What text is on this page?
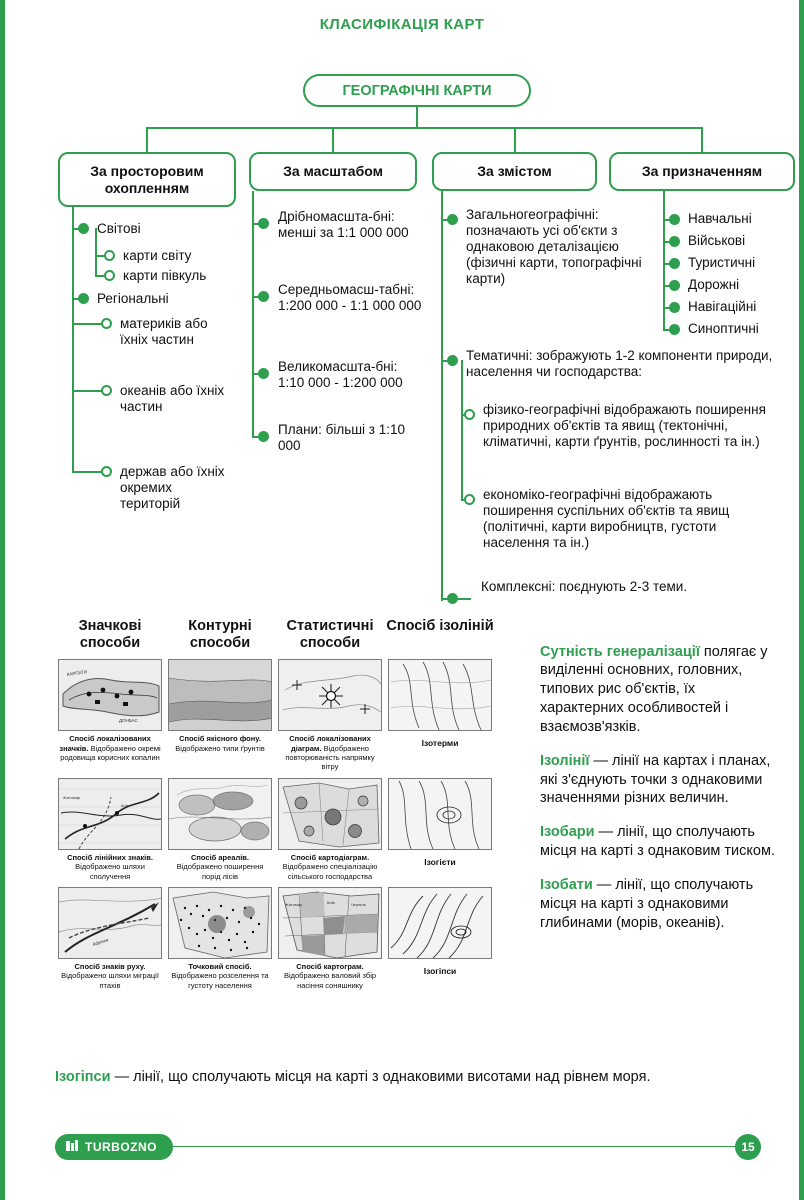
КЛАСИФІКАЦІЯ КАРТ
ГЕОГРАФІЧНІ КАРТИ
За просторовим охопленням
За масштабом	За змістом	За призначенням
Світові
карти світу
карти півкуль
Регіональні
материків або їхніх частин
океанів або їхніх частин
держав або їхніх окремих територій
Дрібномасшта-бні: менші за 1:1 000 000
Середньомасш-табні: 1:200 000 - 1:1 000 000
Великомасшта-бні: 1:10 000 - 1:200 000
Плани: більші з 1:10 000
Загальногеографічні: позначають усі об'єкти з однаковою деталізацією (фізичні карти, топографічні карти)
Тематичні: зображують 1-2 компоненти природи, населення чи господарства:
фізико-географічні відображають поширення природних об'єктів та явищ (тектонічні, кліматичні, карти ґрунтів, рослинності та ін.)
економіко-географічні відображають поширення суспільних об'єктів та явищ (політичні, карти виробництв, густоти населення та ін.)
Комплексні: поєднують 2-3 теми.
Навчальні
Військові
Туристичні
Дорожні
Навігаційні
Синоптичні
Значкові способи
Контурні способи
Статистичні способи
Спосіб ізоліній
КАРПАТИ
ДОНБАС
Спосіб локалізованих значків. Відображено окремі родовища корисних копалин
Спосіб якісного фону. Відображено типи ґрунтів
Спосіб локалізованих діаграм. Відображено повторюваність напрямку вітру
Ізотерми
Житомир
Київ
Спосіб лінійних знаків. Відображено шляхи сполучення
Спосіб ареалів. Відображено поширення порід лісів
Спосіб картодіаграм. Відображено спеціалізацію сільського господарства
Ізогієти
Африка
Спосіб знаків руху. Відображено шляхи міграції птахів
Точковий спосіб. Відображено розселення та густоту населення
Житомир	Київ	Чернігів
Спосіб картограм. Відображено валовий збір насіння соняшнику
Ізогіпси

Сутність генералізації полягає у виділенні основних, головних, типових рис об'єктів, їх характерних особливостей і взаємозв'язків.

Ізолінії — лінії на картах і планах, які з'єднують точки з однаковими значеннями різних величин.

Ізобари — лінії, що сполучають місця на карті з однаковим тиском.

Ізобати — лінії, що сполучають місця на карті з однаковими глибинами (морів, океанів).

Ізогіпси — лінії, що сполучають місця на карті з однаковими висотами над рівнем моря.
TURBOZNO	15
